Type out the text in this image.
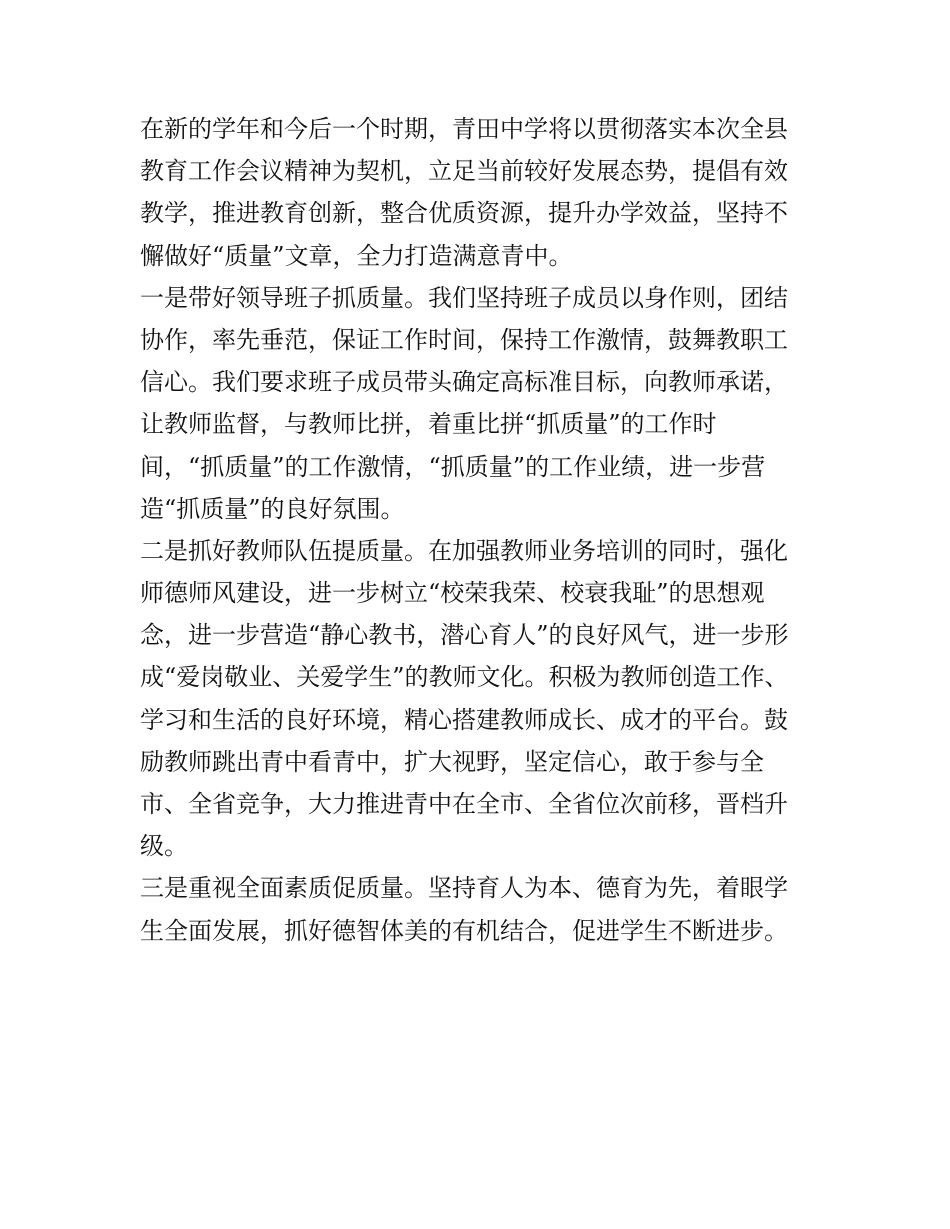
在新的学年和今后一个时期，青田中学将以贯彻落实本次全县
教育工作会议精神为契机，立足当前较好发展态势，提倡有效
教学，推进教育创新，整合优质资源，提升办学效益，坚持不
懈做好“质量”文章，全力打造满意青中。
一是带好领导班子抓质量。我们坚持班子成员以身作则，团结
协作，率先垂范，保证工作时间，保持工作激情，鼓舞教职工
信心。我们要求班子成员带头确定高标准目标，向教师承诺，
让教师监督，与教师比拼，着重比拼“抓质量”的工作时
间，“抓质量”的工作激情，“抓质量”的工作业绩，进一步营
造“抓质量”的良好氛围。
二是抓好教师队伍提质量。在加强教师业务培训的同时，强化
师德师风建设，进一步树立“校荣我荣、校衰我耻”的思想观
念，进一步营造“静心教书，潜心育人”的良好风气，进一步形
成“爱岗敬业、关爱学生”的教师文化。积极为教师创造工作、
学习和生活的良好环境，精心搭建教师成长、成才的平台。鼓
励教师跳出青中看青中，扩大视野，坚定信心，敢于参与全
市、全省竞争，大力推进青中在全市、全省位次前移，晋档升
级。
三是重视全面素质促质量。坚持育人为本、德育为先，着眼学
生全面发展，抓好德智体美的有机结合，促进学生不断进步。
